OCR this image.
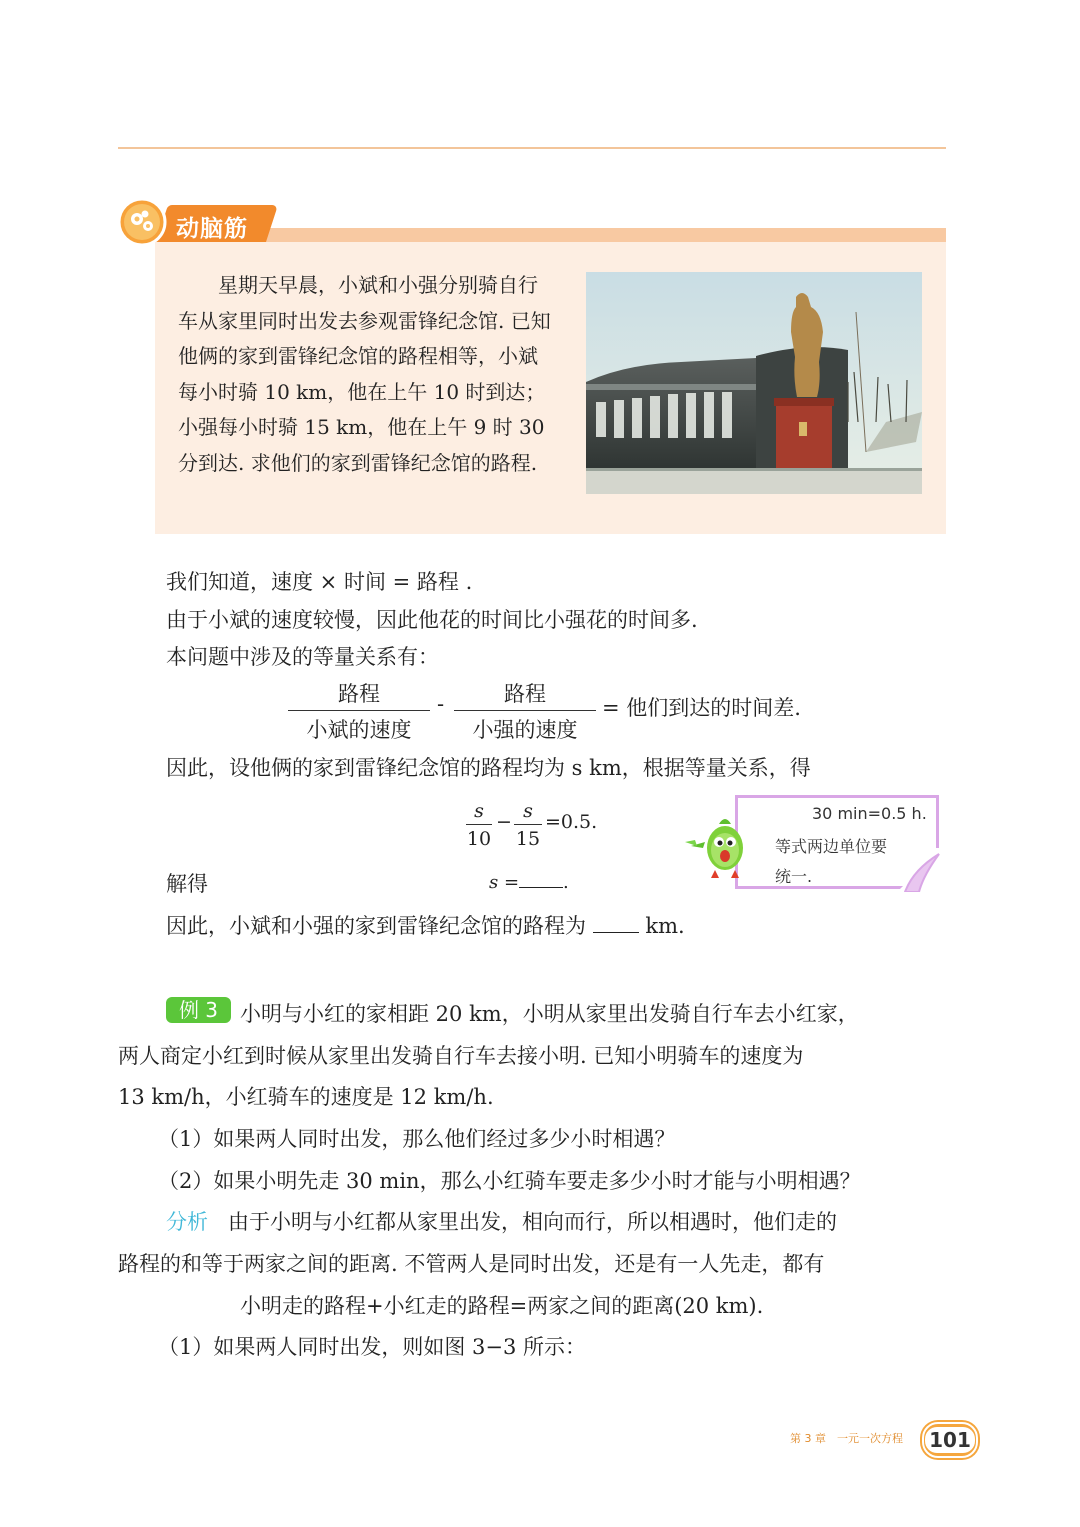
动脑筋

星期天早晨，小斌和小强分别骑自行车从家里同时出发去参观雷锋纪念馆. 已知他俩的家到雷锋纪念馆的路程相等，小斌每小时骑 10 km，他在上午 10 时到达；小强每小时骑 15 km，他在上午 9 时 30 分到达. 求他们的家到雷锋纪念馆的路程.

我们知道，速度 × 时间 = 路程 .

由于小斌的速度较慢，因此他花的时间比小强花的时间多.

本问题中涉及的等量关系有：

路程
小斌的速度
-	路程
小强的速度
= 他们到达的时间差.

因此，设他俩的家到雷锋纪念馆的路程均为 s km，根据等量关系，得

$\frac{s}{10} - \frac{s}{15} =0.5$.

解得	s = .

因此，小斌和小强的家到雷锋纪念馆的路程为	km.

30 min=0.5 h.

等式两边单位要

统一.

例 3	小明与小红的家相距 20 km，小明从家里出发骑自行车去小红家，

两人商定小红到时候从家里出发骑自行车去接小明. 已知小明骑车的速度为

13 km/h，小红骑车的速度是 12 km/h.

（1）如果两人同时出发，那么他们经过多少小时相遇？

（2）如果小明先走 30 min，那么小红骑车要走多少小时才能与小明相遇？

分析 由于小明与小红都从家里出发，相向而行，所以相遇时，他们走的

路程的和等于两家之间的距离. 不管两人是同时出发，还是有一人先走，都有

小明走的路程+小红走的路程=两家之间的距离(20 km).

（1）如果两人同时出发，则如图 3−3 所示：

第 3 章　一元一次方程	101
